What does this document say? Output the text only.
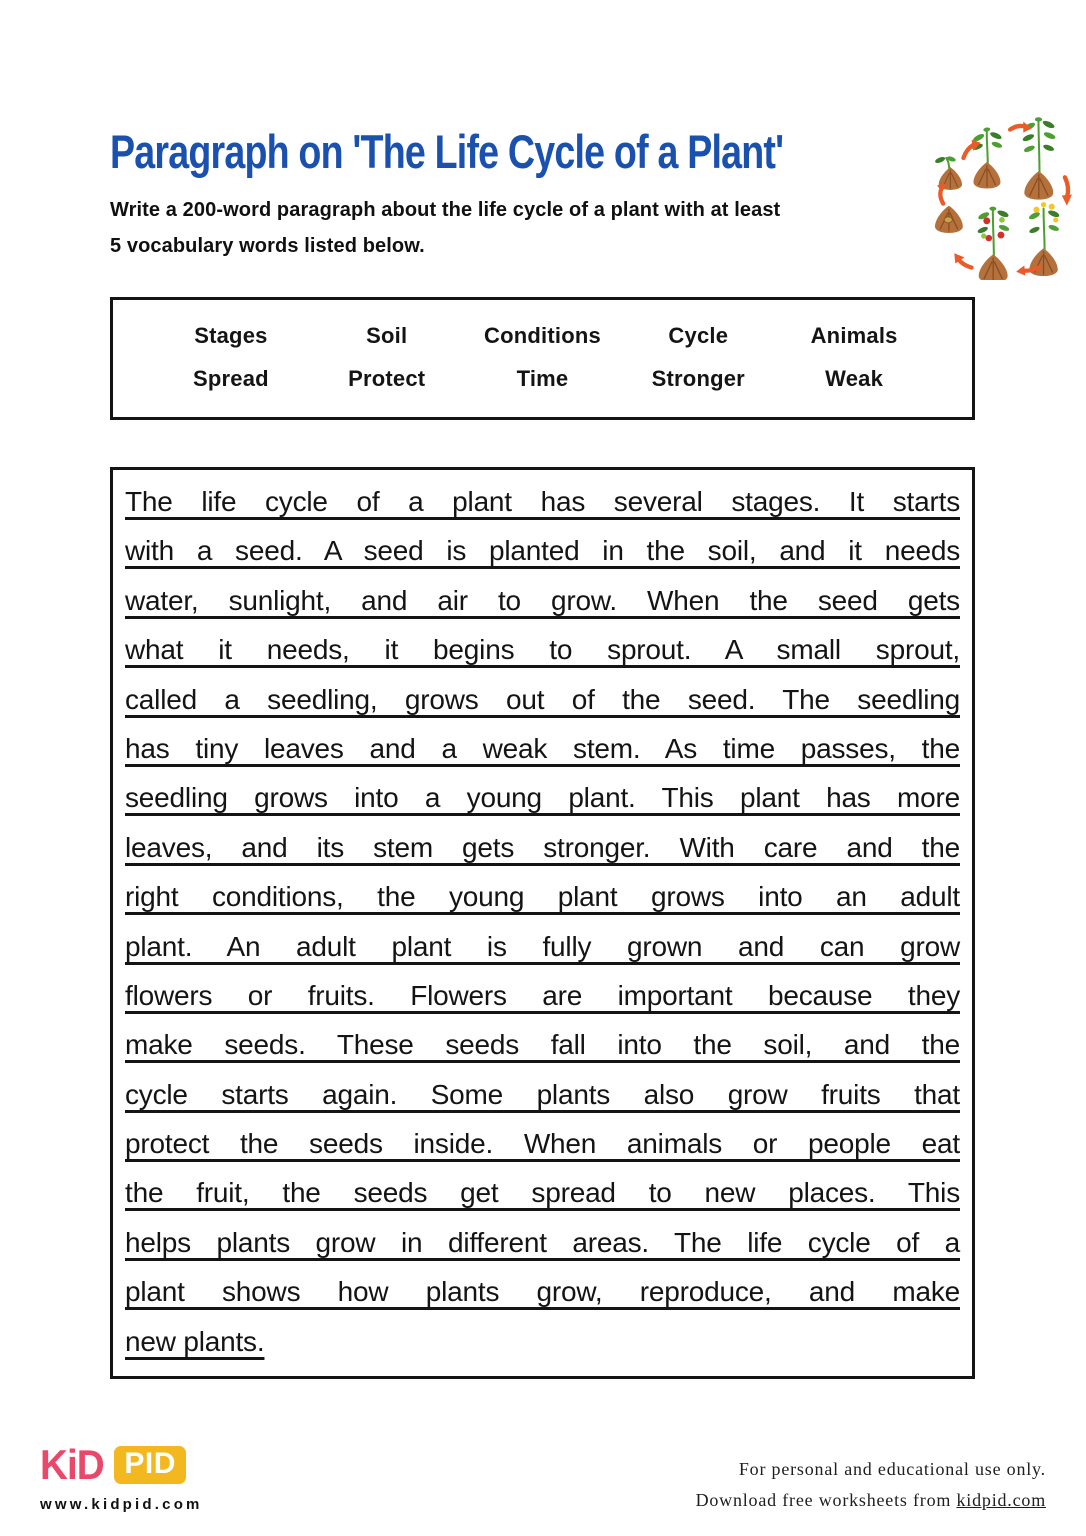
Paragraph on 'The Life Cycle of a Plant'
Write a 200-word paragraph about the life cycle of a plant with at least
5 vocabulary words listed below.
Stages	Soil	Conditions	Cycle	Animals
Spread	Protect	Time	Stronger	Weak
The life cycle of a plant has several stages. It starts
with a seed. A seed is planted in the soil, and it needs
water, sunlight, and air to grow. When the seed gets
what it needs, it begins to sprout. A small sprout,
called a seedling, grows out of the seed. The seedling
has tiny leaves and a weak stem. As time passes, the
seedling grows into a young plant. This plant has more
leaves, and its stem gets stronger. With care and the
right conditions, the young plant grows into an adult
plant. An adult plant is fully grown and can grow
flowers or fruits. Flowers are important because they
make seeds. These seeds fall into the soil, and the
cycle starts again. Some plants also grow fruits that
protect the seeds inside. When animals or people eat
the fruit, the seeds get spread to new places. This
helps plants grow in different areas. The life cycle of a
plant shows how plants grow, reproduce, and make
new plants.
KiD PID
www.kidpid.com
For personal and educational use only.
Download free worksheets from kidpid.com
